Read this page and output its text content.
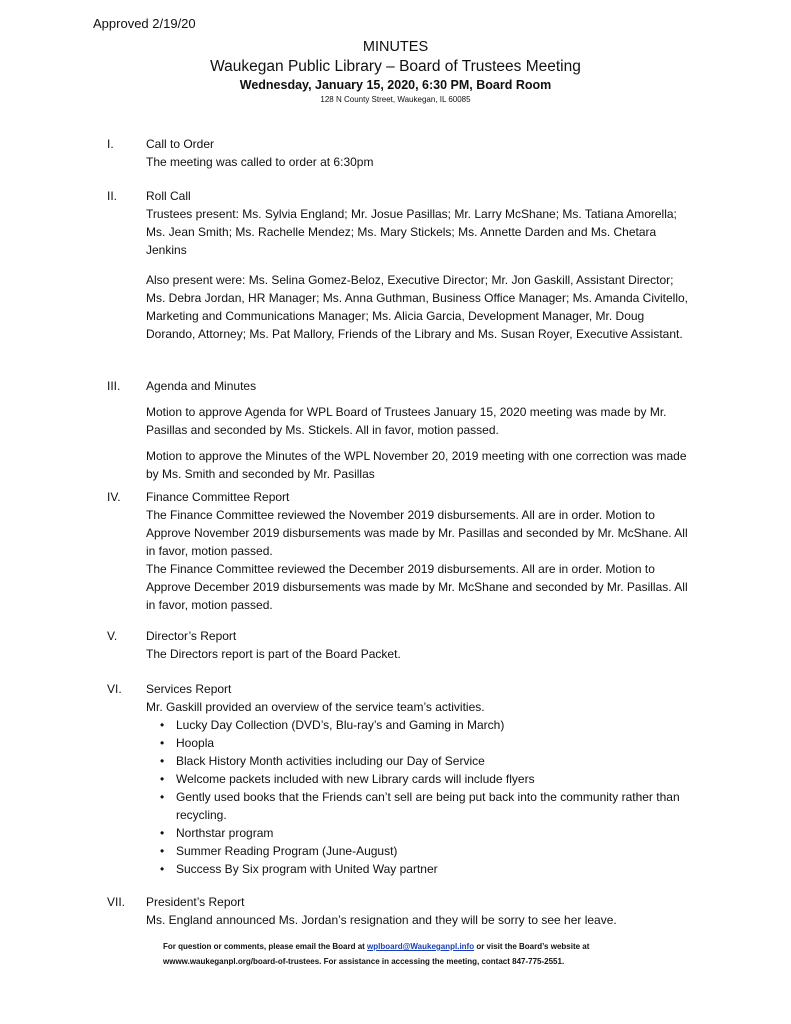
Approved 2/19/20
MINUTES
Waukegan Public Library – Board of Trustees Meeting
Wednesday, January 15, 2020, 6:30 PM, Board Room
128 N County Street, Waukegan, IL 60085
I.	Call to Order
The meeting was called to order at 6:30pm
II. Roll Call
Trustees present: Ms. Sylvia England; Mr. Josue Pasillas; Mr. Larry McShane; Ms. Tatiana Amorella; Ms. Jean Smith; Ms. Rachelle Mendez; Ms. Mary Stickels; Ms. Annette Darden and Ms. Chetara Jenkins
Also present were: Ms. Selina Gomez-Beloz, Executive Director; Mr. Jon Gaskill, Assistant Director; Ms. Debra Jordan, HR Manager; Ms. Anna Guthman, Business Office Manager; Ms. Amanda Civitello, Marketing and Communications Manager; Ms. Alicia Garcia, Development Manager, Mr. Doug Dorando, Attorney; Ms. Pat Mallory, Friends of the Library and Ms. Susan Royer, Executive Assistant.
III. Agenda and Minutes
Motion to approve Agenda for WPL Board of Trustees January 15, 2020 meeting was made by Mr. Pasillas and seconded by Ms. Stickels. All in favor, motion passed.
Motion to approve the Minutes of the WPL November 20, 2019 meeting with one correction was made by Ms. Smith and seconded by Mr. Pasillas
IV. Finance Committee Report
The Finance Committee reviewed the November 2019 disbursements. All are in order. Motion to Approve November 2019 disbursements was made by Mr. Pasillas and seconded by Mr. McShane. All in favor, motion passed.
The Finance Committee reviewed the December 2019 disbursements. All are in order. Motion to Approve December 2019 disbursements was made by Mr. McShane and seconded by Mr. Pasillas. All in favor, motion passed.
V. Director’s Report
The Directors report is part of the Board Packet.
VI. Services Report
Mr. Gaskill provided an overview of the service team’s activities.
• Lucky Day Collection (DVD’s, Blu-ray’s and Gaming in March)
• Hoopla
• Black History Month activities including our Day of Service
• Welcome packets included with new Library cards will include flyers
• Gently used books that the Friends can’t sell are being put back into the community rather than recycling.
• Northstar program
• Summer Reading Program (June-August)
• Success By Six program with United Way partner
VII. President’s Report
Ms. England announced Ms. Jordan’s resignation and they will be sorry to see her leave.
For question or comments, please email the Board at wplboard@Waukeganpl.info or visit the Board’s website at
wwww.waukeganpl.org/board-of-trustees. For assistance in accessing the meeting, contact 847-775-2551.
